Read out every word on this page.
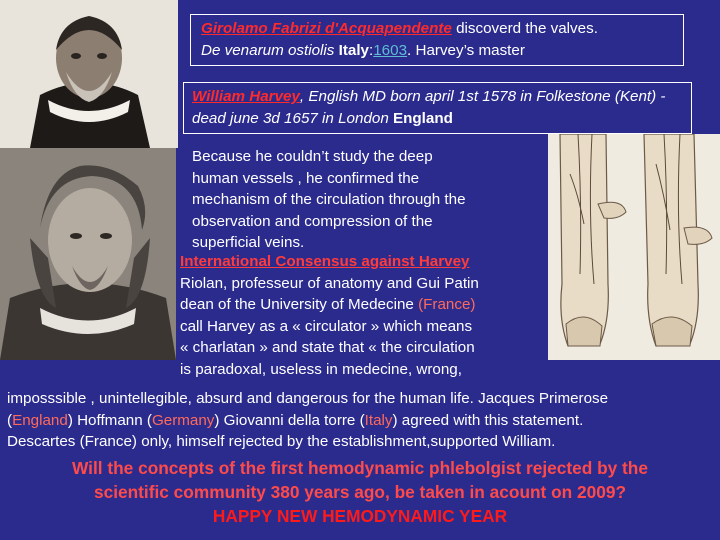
Girolamo Fabrizi d'Acquapendente discoverd the valves.
De venarum ostiolis Italy:1603. Harvey’s master
William Harvey, English MD born april 1st 1578 in Folkestone (Kent) - dead june 3d 1657 in London England
Because he couldn’t study the deep
human vessels , he confirmed the
mechanism of the circulation through the
observation and compression of the
superficial veins.
International Consensus against Harvey
Riolan, professeur of anatomy and Gui Patin
dean of the University of Medecine (France)
call Harvey as a « circulator » which means
« charlatan » and state that « the circulation
is paradoxal, useless in medecine, wrong,
imposssible , unintellegible, absurd and dangerous for the human life. Jacques Primerose
(England) Hoffmann (Germany) Giovanni della torre (Italy) agreed with this statement.
Descartes (France) only, himself rejected by the establishment,supported William.
Will the concepts of the first hemodynamic phlebolgist rejected by the
scientific community 380 years ago, be taken in acount on 2009?
HAPPY NEW HEMODYNAMIC YEAR
